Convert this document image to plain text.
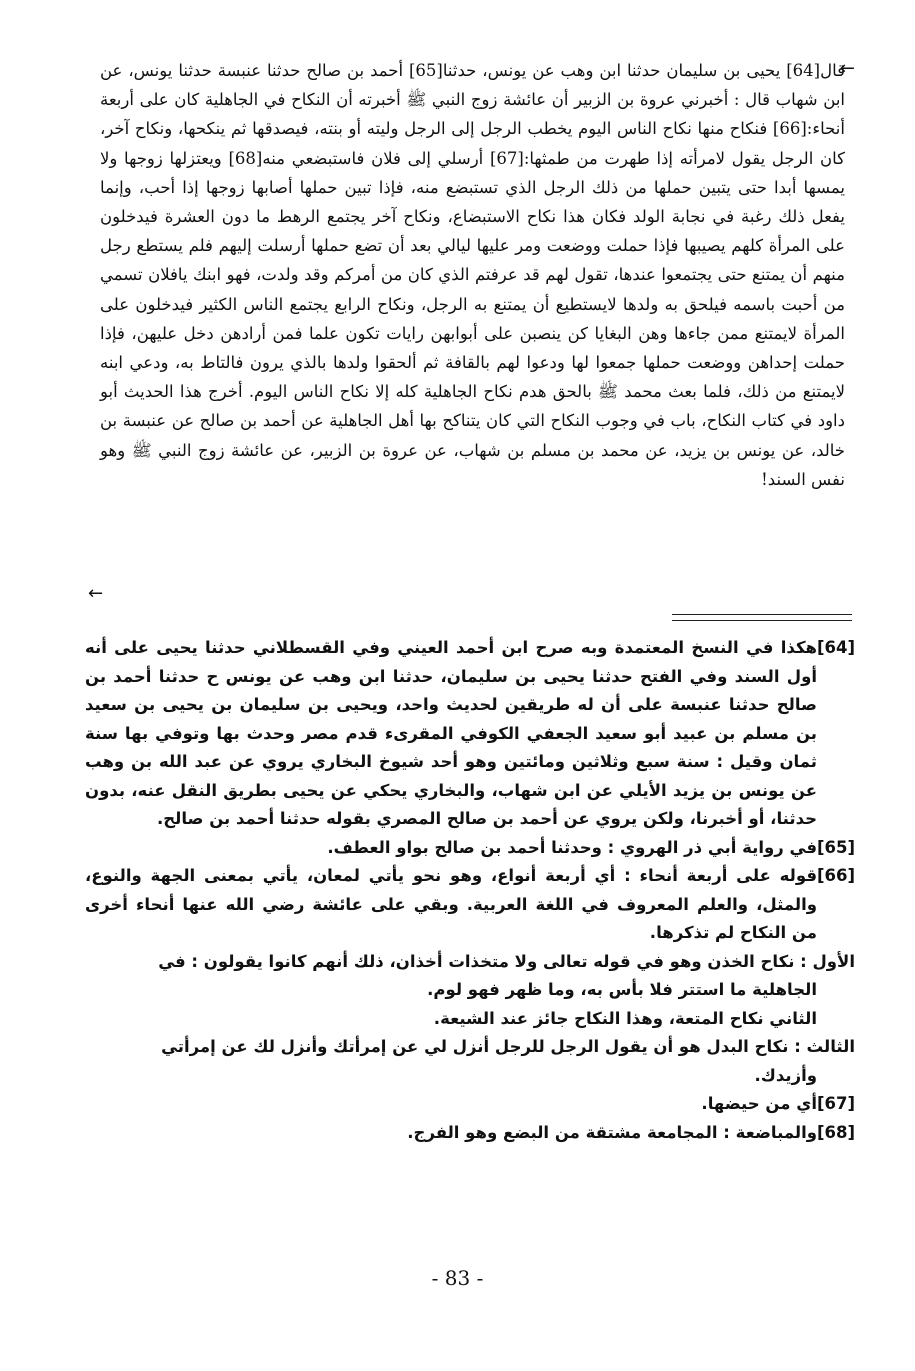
←

قال[64] يحيى بن سليمان حدثنا ابن وهب عن يونس، حدثنا[65] أحمد بن صالح حدثنا عنبسة حدثنا يونس، عن ابن شهاب قال : أخبرني عروة بن الزبير أن عائشة زوج النبي ﷺ أخبرته أن النكاح في الجاهلية كان على أربعة أنحاء:[66] فنكاح منها نكاح الناس اليوم يخطب الرجل إلى الرجل وليته أو بنته، فيصدقها ثم ينكحها، ونكاح آخر، كان الرجل يقول لامرأته إذا طهرت من طمثها:[67] أرسلي إلى فلان فاستبضعي منه[68] ويعتزلها زوجها ولا يمسها أبدا حتى يتبين حملها من ذلك الرجل الذي تستبضع منه، فإذا تبين حملها أصابها زوجها إذا أحب، وإنما يفعل ذلك رغبة في نجابة الولد فكان هذا نكاح الاستبضاع، ونكاح آخر يجتمع الرهط ما دون العشرة فيدخلون على المرأة كلهم يصيبها فإذا حملت ووضعت ومر عليها ليالي بعد أن تضع حملها أرسلت إليهم فلم يستطع رجل منهم أن يمتنع حتى يجتمعوا عندها، تقول لهم قد عرفتم الذي كان من أمركم وقد ولدت، فهو ابنك يافلان تسمي من أحبت باسمه فيلحق به ولدها لايستطيع أن يمتنع به الرجل، ونكاح الرابع يجتمع الناس الكثير فيدخلون على المرأة لايمتنع ممن جاءها وهن البغايا كن ينصبن على أبوابهن رايات تكون علما فمن أرادهن دخل عليهن، فإذا حملت إحداهن ووضعت حملها جمعوا لها ودعوا لهم بالقافة ثم ألحقوا ولدها بالذي يرون فالتاط به، ودعي ابنه لايمتنع من ذلك، فلما بعث محمد ﷺ بالحق هدم نكاح الجاهلية كله إلا نكاح الناس اليوم. أخرج هذا الحديث أبو داود في كتاب النكاح، باب في وجوب النكاح التي كان يتناكح بها أهل الجاهلية عن أحمد بن صالح عن عنبسة بن خالد، عن يونس بن يزيد، عن محمد بن مسلم بن شهاب، عن عروة بن الزبير، عن عائشة زوج النبي ﷺ وهو نفس السند!

←
[64]

هكذا في النسخ المعتمدة وبه صرح ابن أحمد العيني وفي القسطلاني حدثنا يحيى على أنه أول السند وفي الفتح حدثنا يحيى بن سليمان، حدثنا ابن وهب عن يونس ح حدثنا أحمد بن صالح حدثنا عنبسة على أن له طريقين لحديث واحد، ويحيى بن سليمان بن يحيى بن سعيد بن مسلم بن عبيد أبو سعيد الجعفي الكوفي المقرىء قدم مصر وحدث بها وتوفي بها سنة ثمان وقيل : سنة سبع وثلاثين ومائتين وهو أحد شيوخ البخاري يروي عن عبد الله بن وهب عن يونس بن يزيد الأيلي عن ابن شهاب، والبخاري يحكي عن يحيى بطريق النقل عنه، بدون حدثنا، أو أخبرنا، ولكن يروي عن أحمد بن صالح المصري بقوله حدثنا أحمد بن صالح.

[65]

في رواية أبي ذر الهروي : وحدثنا أحمد بن صالح بواو العطف.

[66]

قوله على أربعة أنحاء : أي أربعة أنواع، وهو نحو يأتي لمعان، يأتي بمعنى الجهة والنوع، والمثل، والعلم المعروف في اللغة العربية. وبقي على عائشة رضي الله عنها أنحاء أخرى من النكاح لم تذكرها.

الأول : نكاح الخذن وهو في قوله تعالى ولا متخذات أخذان، ذلك أنهم كانوا يقولون : في

الجاهلية ما استتر فلا بأس به، وما ظهر فهو لوم.

الثاني نكاح المتعة، وهذا النكاح جائز عند الشيعة.

الثالث : نكاح البدل هو أن يقول الرجل للرجل أنزل لي عن إمرأتك وأنزل لك عن إمرأتي

وأزيدك.

[67]

أي من حيضها.

[68]

والمباضعة : المجامعة مشتقة من البضع وهو الفرج.

- 83 -
